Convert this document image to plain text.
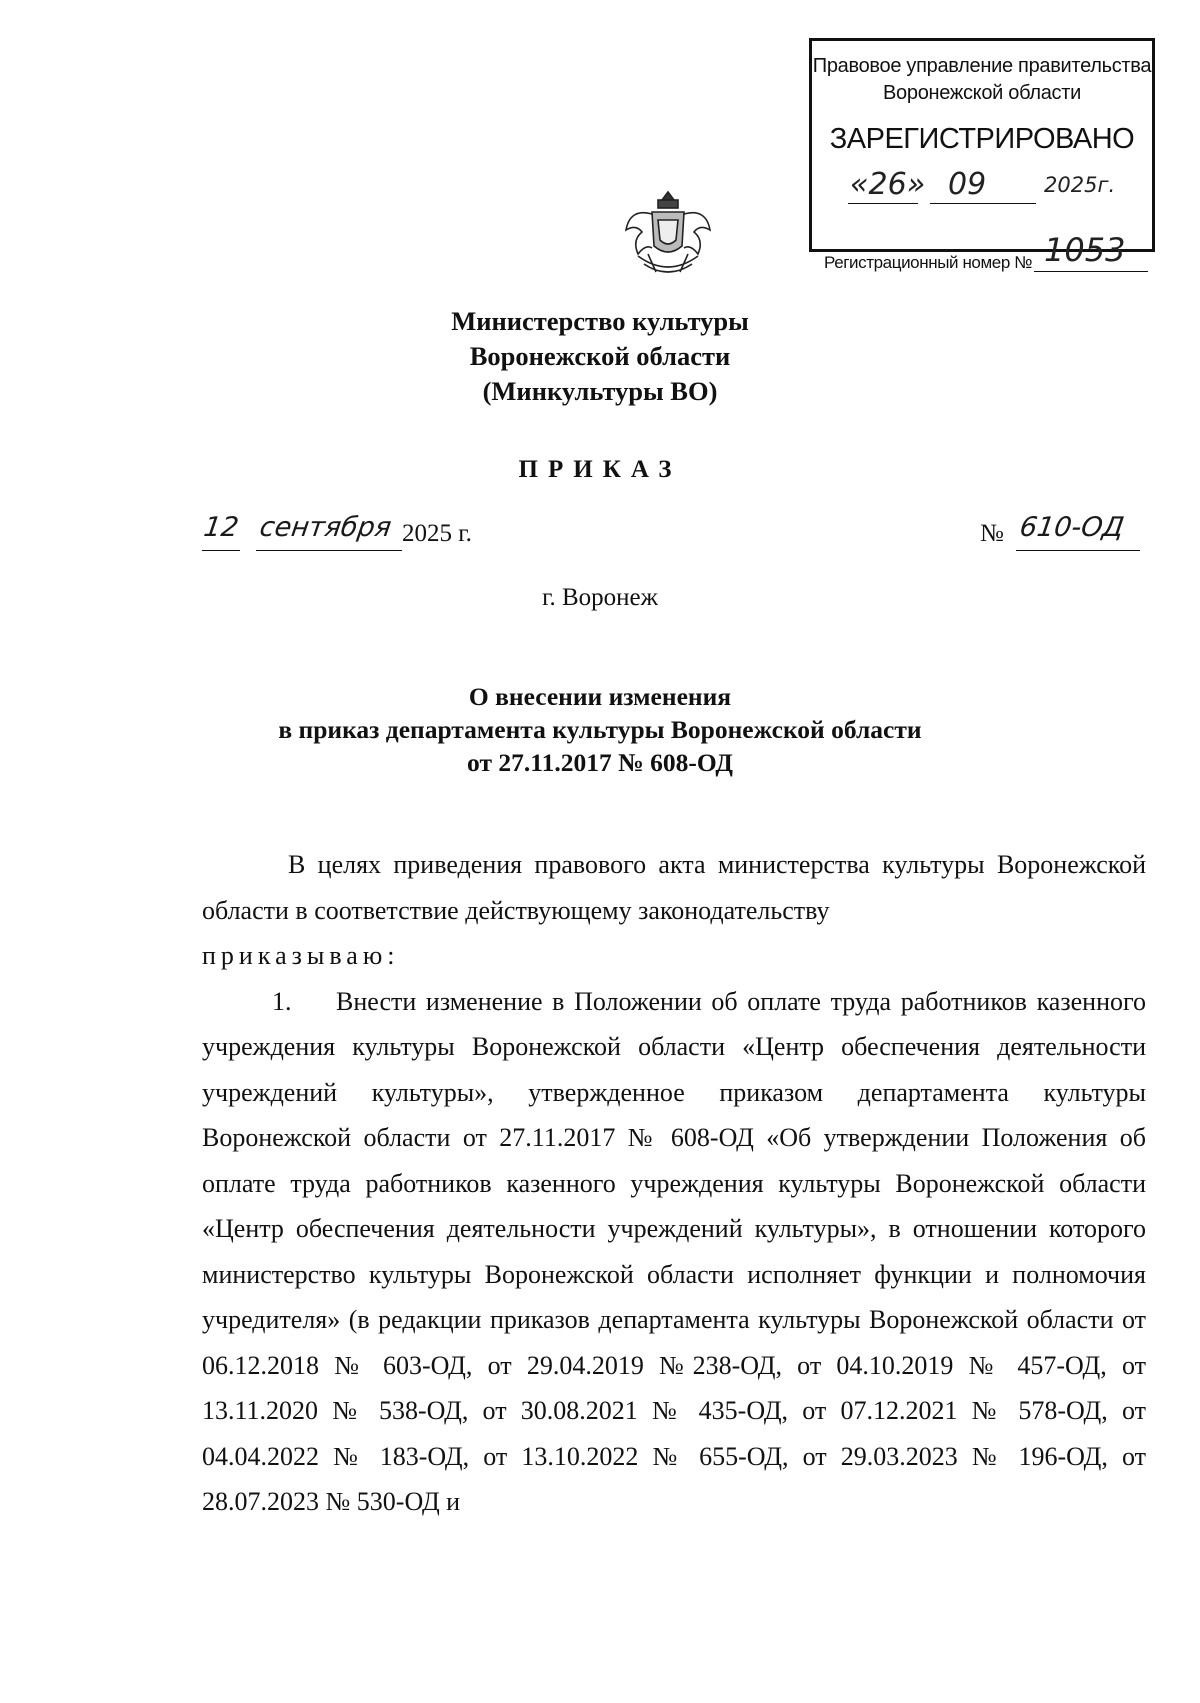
Правовое управление правительства
Воронежской области
ЗАРЕГИСТРИРОВАНО
«26» 09	2025г.
Регистрационный номер № 1053
Министерство культуры
Воронежской области
(Минкультуры ВО)
ПРИКАЗ
12 сентября 2025 г.	№ 610-ОД
г. Воронеж
О внесении изменения
в приказ департамента культуры Воронежской области
от 27.11.2017 № 608-ОД

В целях приведения правового акта министерства культуры Воронежской области в соответствие действующему законодательству

приказываю:

1. Внести изменение в Положении об оплате труда работников казенного учреждения культуры Воронежской области «Центр обеспечения деятельности учреждений культуры», утвержденное приказом департамента культуры Воронежской области от 27.11.2017 № 608-ОД «Об утверждении Положения об оплате труда работников казенного учреждения культуры Воронежской области «Центр обеспечения деятельности учреждений культуры», в отношении которого министерство культуры Воронежской области исполняет функции и полномочия учредителя» (в редакции приказов департамента культуры Воронежской области от 06.12.2018 № 603-ОД, от 29.04.2019 №238-ОД, от 04.10.2019 № 457-ОД, от 13.11.2020 № 538-ОД, от 30.08.2021 № 435-ОД, от 07.12.2021 № 578-ОД, от 04.04.2022 № 183-ОД, от 13.10.2022 № 655-ОД, от 29.03.2023 № 196-ОД, от 28.07.2023 № 530-ОД и
